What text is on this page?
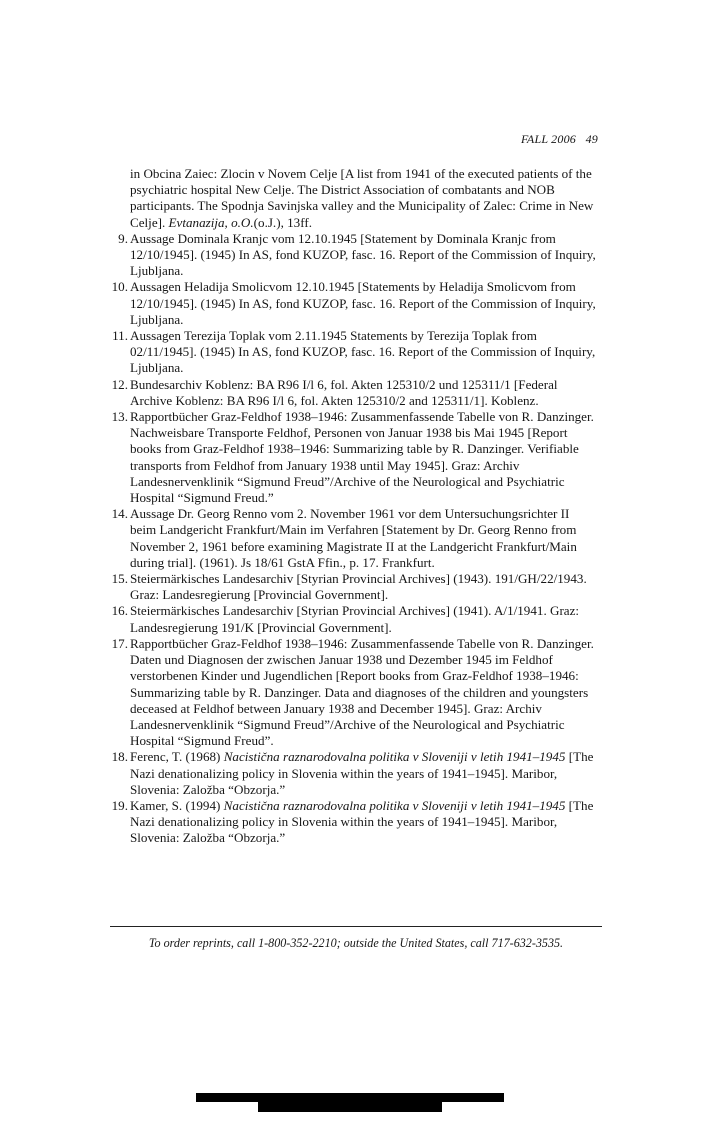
FALL 2006 49
in Obcina Zaiec: Zlocin v Novem Celje [A list from 1941 of the executed patients of the psychiatric hospital New Celje. The District Association of combatants and NOB participants. The Spodnja Savinjska valley and the Municipality of Zalec: Crime in New Celje]. Evtanazija, o.O.(o.J.), 13ff.
9. Aussage Dominala Kranjc vom 12.10.1945 [Statement by Dominala Kranjc from 12/10/1945]. (1945) In AS, fond KUZOP, fasc. 16. Report of the Commission of Inquiry, Ljubljana.
10. Aussagen Heladija Smolicvom 12.10.1945 [Statements by Heladija Smolicvom from 12/10/1945]. (1945) In AS, fond KUZOP, fasc. 16. Report of the Commission of Inquiry, Ljubljana.
11. Aussagen Terezija Toplak vom 2.11.1945 Statements by Terezija Toplak from 02/11/1945]. (1945) In AS, fond KUZOP, fasc. 16. Report of the Commission of Inquiry, Ljubljana.
12. Bundesarchiv Koblenz: BA R96 I/l 6, fol. Akten 125310/2 und 125311/1 [Federal Archive Koblenz: BA R96 I/l 6, fol. Akten 125310/2 and 125311/1]. Koblenz.
13. Rapportbücher Graz-Feldhof 1938–1946: Zusammenfassende Tabelle von R. Danzinger. Nachweisbare Transporte Feldhof, Personen von Januar 1938 bis Mai 1945 [Report books from Graz-Feldhof 1938–1946: Summarizing table by R. Danzinger. Verifiable transports from Feldhof from January 1938 until May 1945]. Graz: Archiv Landesnervenklinik “Sigmund Freud”/Archive of the Neurological and Psychiatric Hospital “Sigmund Freud.”
14. Aussage Dr. Georg Renno vom 2. November 1961 vor dem Untersuchungsrichter II beim Landgericht Frankfurt/Main im Verfahren [Statement by Dr. Georg Renno from November 2, 1961 before examining Magistrate II at the Landgericht Frankfurt/Main during trial]. (1961). Js 18/61 GstA Ffin., p. 17. Frankfurt.
15. Steiermärkisches Landesarchiv [Styrian Provincial Archives] (1943). 191/GH/22/1943. Graz: Landesregierung [Provincial Government].
16. Steiermärkisches Landesarchiv [Styrian Provincial Archives] (1941). A/1/1941. Graz: Landesregierung 191/K [Provincial Government].
17. Rapportbücher Graz-Feldhof 1938–1946: Zusammenfassende Tabelle von R. Danzinger. Daten und Diagnosen der zwischen Januar 1938 und Dezember 1945 im Feldhof verstorbenen Kinder und Jugendlichen [Report books from Graz-Feldhof 1938–1946: Summarizing table by R. Danzinger. Data and diagnoses of the children and youngsters deceased at Feldhof between January 1938 and December 1945]. Graz: Archiv Landesnervenklinik “Sigmund Freud”/Archive of the Neurological and Psychiatric Hospital “Sigmund Freud”.
18. Ferenc, T. (1968) Nacistična raznarodovalna politika v Sloveniji v letih 1941–1945 [The Nazi denationalizing policy in Slovenia within the years of 1941–1945]. Maribor, Slovenia: Založba “Obzorja.”
19. Kamer, S. (1994) Nacistična raznarodovalna politika v Sloveniji v letih 1941–1945 [The Nazi denationalizing policy in Slovenia within the years of 1941–1945]. Maribor, Slovenia: Založba “Obzorja.”
To order reprints, call 1-800-352-2210; outside the United States, call 717-632-3535.
